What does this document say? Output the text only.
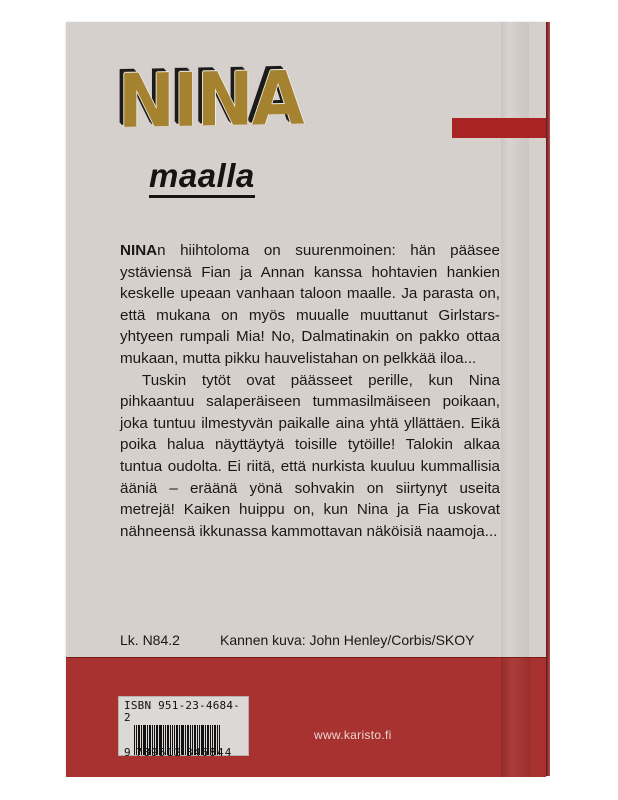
NINA
maalla

NINAn hiihtoloma on suurenmoinen: hän pääsee ystäviensä Fian ja Annan kanssa hohtavien hankien keskelle upeaan vanhaan taloon maalle. Ja parasta on, että mukana on myös muualle muuttanut Girlstars-yhtyeen rumpali Mia! No, Dalmatinakin on pakko ottaa mukaan, mutta pikku hauvelistahan on pelkkää iloa...

Tuskin tytöt ovat päässeet perille, kun Nina pihkaantuu salaperäiseen tummasilmäiseen poikaan, joka tuntuu ilmestyvän paikalle aina yhtä yllättäen. Eikä poika halua näyttäytyä toisille tytöille! Talokin alkaa tuntua oudolta. Ei riitä, että nurkista kuuluu kummallisia ääniä – eräänä yönä sohvakin on siirtynyt useita metrejä! Kaiken huippu on, kun Nina ja Fia uskovat nähneensä ikkunassa kammottavan näköisiä naamoja...

Lk. N84.2	Kannen kuva: John Henley/Corbis/SKOY
ISBN 951-23-4684-2
9 789512 346844
www.karisto.fi
